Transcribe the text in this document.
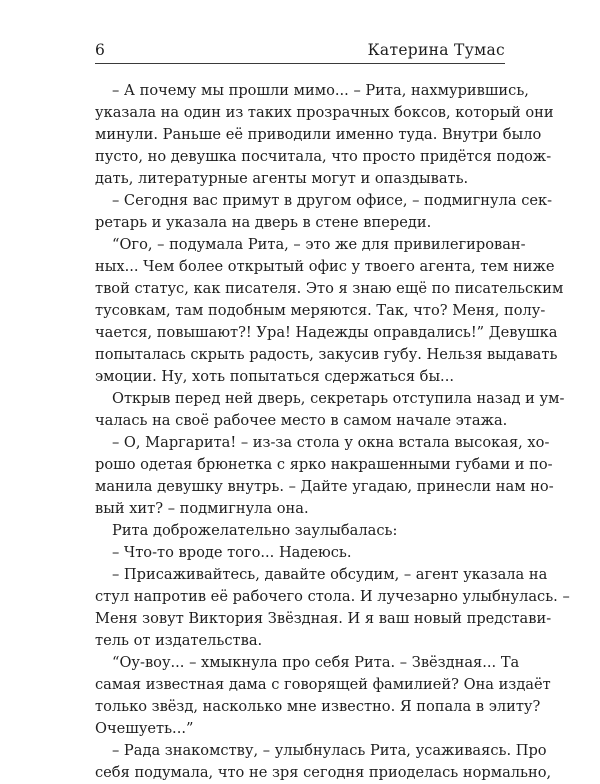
6	Катерина Тумас
– А почему мы прошли мимо... – Рита, нахмурившись,
указала на один из таких прозрачных боксов, который они
минули. Раньше её приводили именно туда. Внутри было
пусто, но девушка посчитала, что просто придётся подож-
дать, литературные агенты могут и опаздывать.
– Сегодня вас примут в другом офисе, – подмигнула сек-
ретарь и указала на дверь в стене впереди.
“Ого, – подумала Рита, – это же для привилегирован-
ных... Чем более открытый офис у твоего агента, тем ниже
твой статус, как писателя. Это я знаю ещё по писательским
тусовкам, там подобным меряются. Так, что? Меня, полу-
чается, повышают?! Ура! Надежды оправдались!” Девушка
попыталась скрыть радость, закусив губу. Нельзя выдавать
эмоции. Ну, хоть попытаться сдержаться бы...
Открыв перед ней дверь, секретарь отступила назад и ум-
чалась на своё рабочее место в самом начале этажа.
– О, Маргарита! – из-за стола у окна встала высокая, хо-
рошо одетая брюнетка с ярко накрашенными губами и по-
манила девушку внутрь. – Дайте угадаю, принесли нам но-
вый хит? – подмигнула она.
Рита доброжелательно заулыбалась:
– Что-то вроде того... Надеюсь.
– Присаживайтесь, давайте обсудим, – агент указала на
стул напротив её рабочего стола. И лучезарно улыбнулась. –
Меня зовут Виктория Звёздная. И я ваш новый представи-
тель от издательства.
“Оу-воу... – хмыкнула про себя Рита. – Звёздная... Та
самая известная дама с говорящей фамилией? Она издаёт
только звёзд, насколько мне известно. Я попала в элиту?
Очешуеть...”
– Рада знакомству, – улыбнулась Рита, усаживаясь. Про
себя подумала, что не зря сегодня приоделась нормально,
